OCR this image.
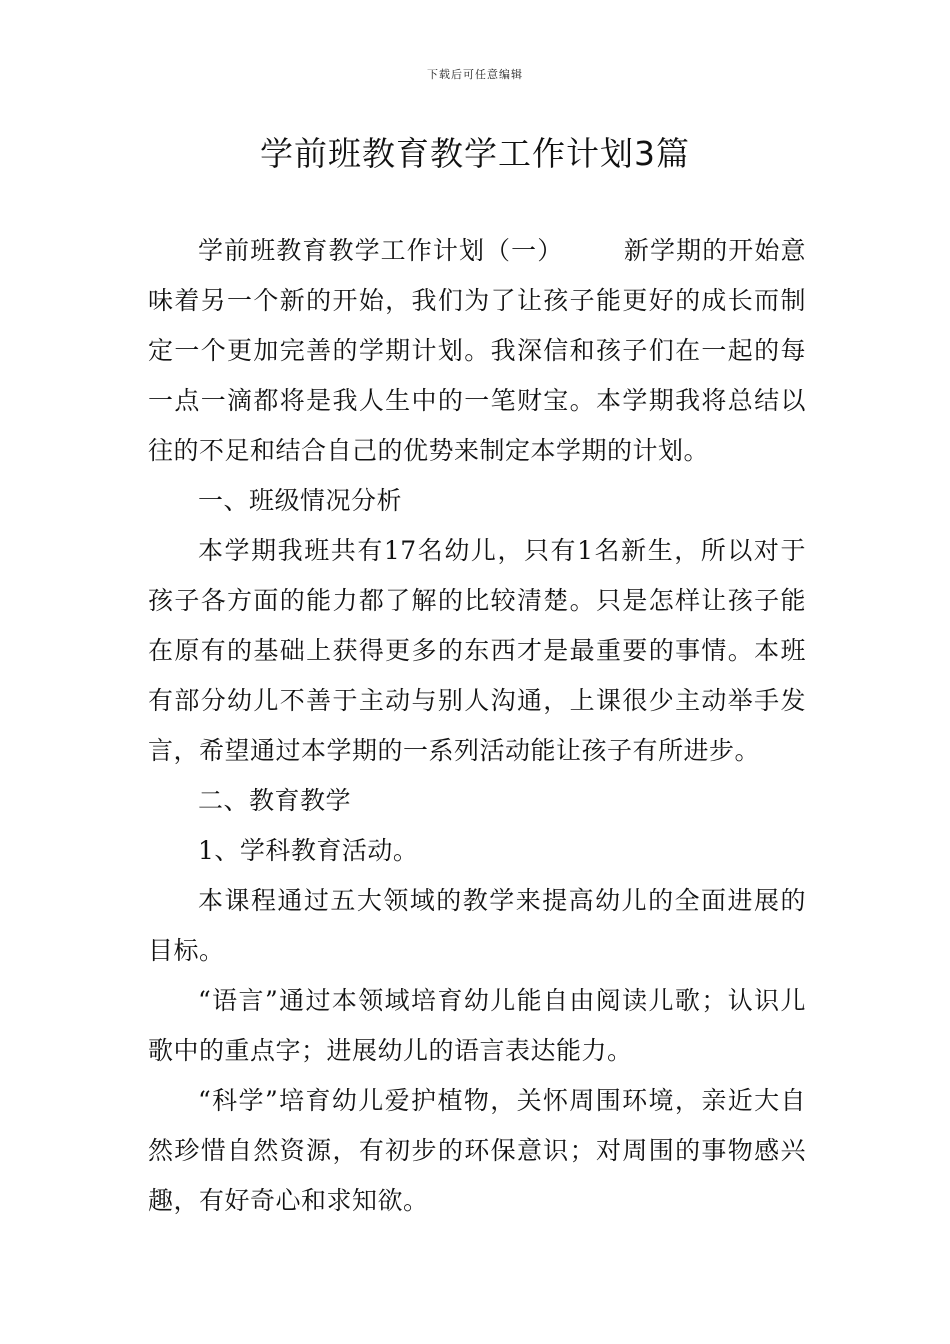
下载后可任意编辑
学前班教育教学工作计划3篇

学前班教育教学工作计划（一） 新学期的开始意味着另一个新的开始，我们为了让孩子能更好的成长而制定一个更加完善的学期计划。我深信和孩子们在一起的每一点一滴都将是我人生中的一笔财宝。本学期我将总结以往的不足和结合自己的优势来制定本学期的计划。

一、班级情况分析

本学期我班共有17名幼儿，只有1名新生，所以对于孩子各方面的能力都了解的比较清楚。只是怎样让孩子能在原有的基础上获得更多的东西才是最重要的事情。本班有部分幼儿不善于主动与别人沟通，上课很少主动举手发言，希望通过本学期的一系列活动能让孩子有所进步。

二、教育教学

1、学科教育活动。

本课程通过五大领域的教学来提高幼儿的全面进展的目标。

“语言”通过本领域培育幼儿能自由阅读儿歌；认识儿歌中的重点字；进展幼儿的语言表达能力。

“科学”培育幼儿爱护植物，关怀周围环境，亲近大自然珍惜自然资源，有初步的环保意识；对周围的事物感兴趣，有好奇心和求知欲。
